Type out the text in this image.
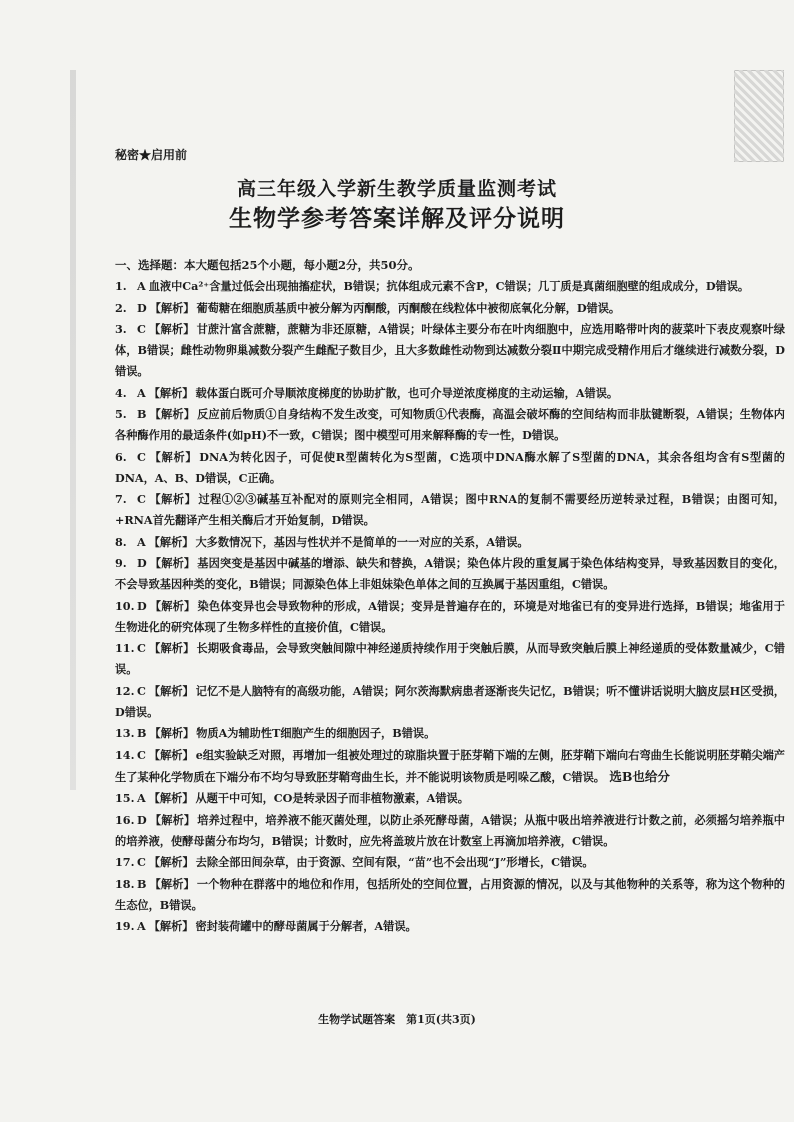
秘密★启用前
高三年级入学新生教学质量监测考试
生物学参考答案详解及评分说明
一、选择题：本大题包括25个小题，每小题2分，共50分。
1. A 血液中Ca²⁺含量过低会出现抽搐症状，B错误；抗体组成元素不含P，C错误；几丁质是真菌细胞壁的组成成分，D错误。
2. D 【解析】 葡萄糖在细胞质基质中被分解为丙酮酸，丙酮酸在线粒体中被彻底氧化分解，D错误。
3. C 【解析】 甘蔗汁富含蔗糖，蔗糖为非还原糖，A错误；叶绿体主要分布在叶肉细胞中，应选用略带叶肉的菠菜叶下表皮观察叶绿体，B错误；雌性动物卵巢减数分裂产生雌配子数目少，且大多数雌性动物到达减数分裂Ⅱ中期完成受精作用后才继续进行减数分裂，D错误。
4. A 【解析】 载体蛋白既可介导顺浓度梯度的协助扩散，也可介导逆浓度梯度的主动运输，A错误。
5. B 【解析】 反应前后物质①自身结构不发生改变，可知物质①代表酶，高温会破坏酶的空间结构而非肽键断裂，A错误；生物体内各种酶作用的最适条件(如pH)不一致，C错误；图中模型可用来解释酶的专一性，D错误。
6. C 【解析】 DNA为转化因子，可促使R型菌转化为S型菌，C选项中DNA酶水解了S型菌的DNA，其余各组均含有S型菌的DNA，A、B、D错误，C正确。
7. C 【解析】 过程①②③碱基互补配对的原则完全相同，A错误；图中RNA的复制不需要经历逆转录过程，B错误；由图可知，+RNA首先翻译产生相关酶后才开始复制，D错误。
8. A 【解析】 大多数情况下，基因与性状并不是简单的一一对应的关系，A错误。
9. D 【解析】 基因突变是基因中碱基的增添、缺失和替换，A错误；染色体片段的重复属于染色体结构变异，导致基因数目的变化，不会导致基因种类的变化，B错误；同源染色体上非姐妹染色单体之间的互换属于基因重组，C错误。
10. D 【解析】 染色体变异也会导致物种的形成，A错误；变异是普遍存在的，环境是对地雀已有的变异进行选择，B错误；地雀用于生物进化的研究体现了生物多样性的直接价值，C错误。
11. C 【解析】 长期吸食毒品，会导致突触间隙中神经递质持续作用于突触后膜，从而导致突触后膜上神经递质的受体数量减少，C错误。
12. C 【解析】 记忆不是人脑特有的高级功能，A错误；阿尔茨海默病患者逐渐丧失记忆，B错误；听不懂讲话说明大脑皮层H区受损，D错误。
13. B 【解析】 物质A为辅助性T细胞产生的细胞因子，B错误。
14. C 【解析】 e组实验缺乏对照，再增加一组被处理过的琼脂块置于胚芽鞘下端的左侧，胚芽鞘下端向右弯曲生长能说明胚芽鞘尖端产生了某种化学物质在下端分布不均匀导致胚芽鞘弯曲生长，并不能说明该物质是吲哚乙酸，C错误。 选B也给分
15. A 【解析】 从题干中可知，CO是转录因子而非植物激素，A错误。
16. D 【解析】 培养过程中，培养液不能灭菌处理，以防止杀死酵母菌，A错误；从瓶中吸出培养液进行计数之前，必须摇匀培养瓶中的培养液，使酵母菌分布均匀，B错误；计数时，应先将盖玻片放在计数室上再滴加培养液，C错误。
17. C 【解析】 去除全部田间杂草，由于资源、空间有限，“苗”也不会出现“J”形增长，C错误。
18. B 【解析】 一个物种在群落中的地位和作用，包括所处的空间位置，占用资源的情况，以及与其他物种的关系等，称为这个物种的生态位，B错误。
19. A 【解析】 密封装荷罐中的酵母菌属于分解者，A错误。
生物学试题答案　第1页(共3页)
